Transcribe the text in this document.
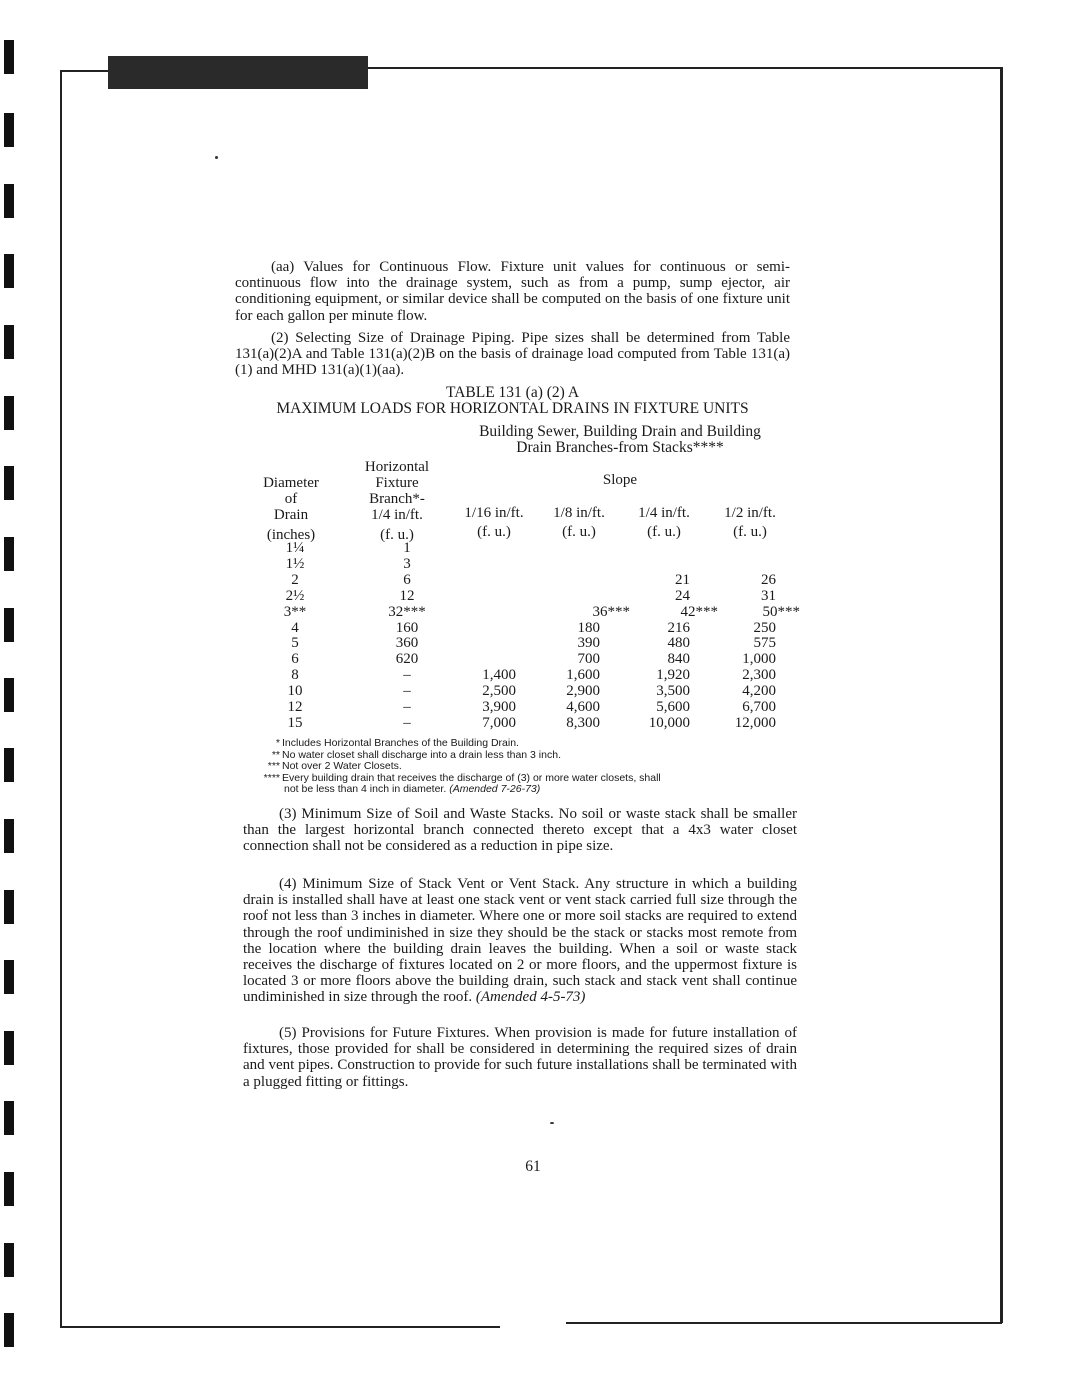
(aa) Values for Continuous Flow. Fixture unit values for continuous or semi-continuous flow into the drainage system, such as from a pump, sump ejector, air conditioning equipment, or similar device shall be computed on the basis of one fixture unit for each gallon per minute flow.

(2) Selecting Size of Drainage Piping. Pipe sizes shall be determined from Table 131(a)(2)A and Table 131(a)(2)B on the basis of drainage load computed from Table 131(a)(1) and MHD 131(a)(1)(aa).

TABLE 131 (a) (2) A
MAXIMUM LOADS FOR HORIZONTAL DRAINS IN FIXTURE UNITS
Building Sewer, Building Drain and Building
Drain Branches-from Stacks****
Diameter
of
Drain
(inches)
Horizontal
Fixture
Branch*-
1/4 in/ft.
(f. u.)
Slope
1/16 in/ft.
(f. u.)
1/8 in/ft.
(f. u.)
1/4 in/ft.
(f. u.)
1/2 in/ft.
(f. u.)
1¼
1½
2
2½
3**
4
5
6
8
10
12
15
1
3
6
12
32***
160
360
620
–
–
–
–

1,400
2,500
3,900
7,000

36***
180
390
700
1,600
2,900
4,600
8,300

21
24
42***
216
480
840
1,920
3,500
5,600
10,000

26
31
50***
250
575
1,000
2,300
4,200
6,700
12,000
* Includes Horizontal Branches of the Building Drain.
** No water closet shall discharge into a drain less than 3 inch.
*** Not over 2 Water Closets.
**** Every building drain that receives the discharge of (3) or more water closets, shall
not be less than 4 inch in diameter. (Amended 7-26-73)

(3) Minimum Size of Soil and Waste Stacks. No soil or waste stack shall be smaller than the largest horizontal branch connected thereto except that a 4x3 water closet connection shall not be considered as a reduction in pipe size.

(4) Minimum Size of Stack Vent or Vent Stack. Any structure in which a building drain is installed shall have at least one stack vent or vent stack carried full size through the roof not less than 3 inches in diameter. Where one or more soil stacks are required to extend through the roof undiminished in size they should be the stack or stacks most remote from the location where the building drain leaves the building. When a soil or waste stack receives the discharge of fixtures located on 2 or more floors, and the uppermost fixture is located 3 or more floors above the building drain, such stack and stack vent shall continue undiminished in size through the roof. (Amended 4-5-73)

(5) Provisions for Future Fixtures. When provision is made for future installation of fixtures, those provided for shall be considered in determining the required sizes of drain and vent pipes. Construction to provide for such future installations shall be terminated with a plugged fitting or fittings.

61
